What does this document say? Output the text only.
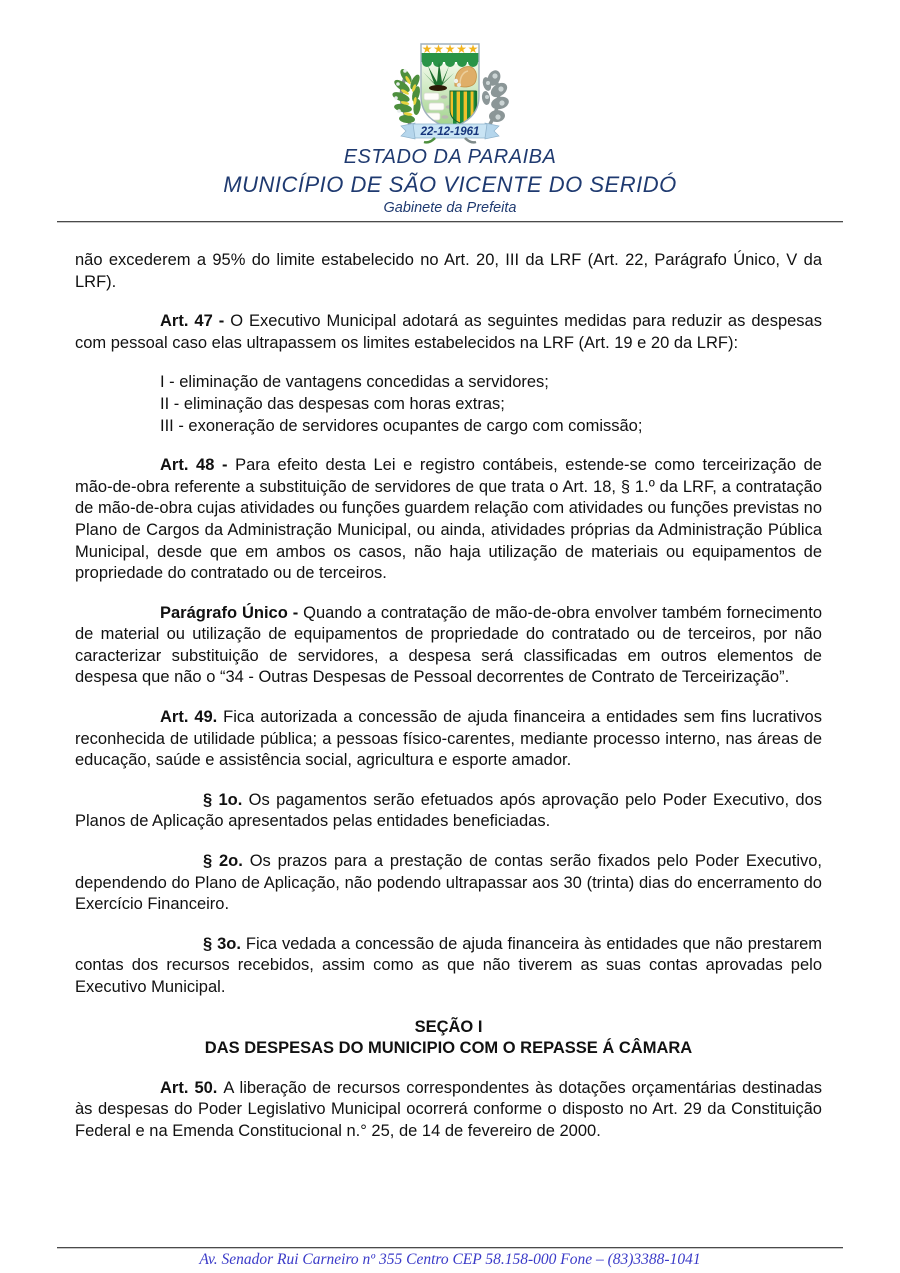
★ ★ ★ ★ ★
22-12-1961
ESTADO DA PARAIBA
MUNICÍPIO DE SÃO VICENTE DO SERIDÓ
Gabinete da Prefeita

não excederem a 95% do limite estabelecido no Art. 20, III da LRF (Art. 22, Parágrafo Único, V da LRF).

Art. 47 - O Executivo Municipal adotará as seguintes medidas para reduzir as despesas com pessoal caso elas ultrapassem os limites estabelecidos na LRF (Art. 19 e 20 da LRF):

I - eliminação de vantagens concedidas a servidores;
II - eliminação das despesas com horas extras;
III - exoneração de servidores ocupantes de cargo com comissão;

Art. 48 - Para efeito desta Lei e registro contábeis, estende-se como terceirização de mão-de-obra referente a substituição de servidores de que trata o Art. 18, § 1.º da LRF, a contratação de mão-de-obra cujas atividades ou funções guardem relação com atividades ou funções previstas no Plano de Cargos da Administração Municipal, ou ainda, atividades próprias da Administração Pública Municipal, desde que em ambos os casos, não haja utilização de materiais ou equipamentos de propriedade do contratado ou de terceiros.

Parágrafo Único - Quando a contratação de mão-de-obra envolver também fornecimento de material ou utilização de equipamentos de propriedade do contratado ou de terceiros, por não caracterizar substituição de servidores, a despesa será classificadas em outros elementos de despesa que não o “34 - Outras Despesas de Pessoal decorrentes de Contrato de Terceirização”.

Art. 49. Fica autorizada a concessão de ajuda financeira a entidades sem fins lucrativos reconhecida de utilidade pública; a pessoas físico-carentes, mediante processo interno, nas áreas de educação, saúde e assistência social, agricultura e esporte amador.

§ 1o. Os pagamentos serão efetuados após aprovação pelo Poder Executivo, dos Planos de Aplicação apresentados pelas entidades beneficiadas.

§ 2o. Os prazos para a prestação de contas serão fixados pelo Poder Executivo, dependendo do Plano de Aplicação, não podendo ultrapassar aos 30 (trinta) dias do encerramento do Exercício Financeiro.

§ 3o. Fica vedada a concessão de ajuda financeira às entidades que não prestarem contas dos recursos recebidos, assim como as que não tiverem as suas contas aprovadas pelo Executivo Municipal.

SEÇÃO I
DAS DESPESAS DO MUNICIPIO COM O REPASSE Á CÂMARA

Art. 50. A liberação de recursos correspondentes às dotações orçamentárias destinadas às despesas do Poder Legislativo Municipal ocorrerá conforme o disposto no Art. 29 da Constituição Federal e na Emenda Constitucional n.° 25, de 14 de fevereiro de 2000.

Av. Senador Rui Carneiro nº 355 Centro CEP 58.158-000 Fone – (83)3388-1041
